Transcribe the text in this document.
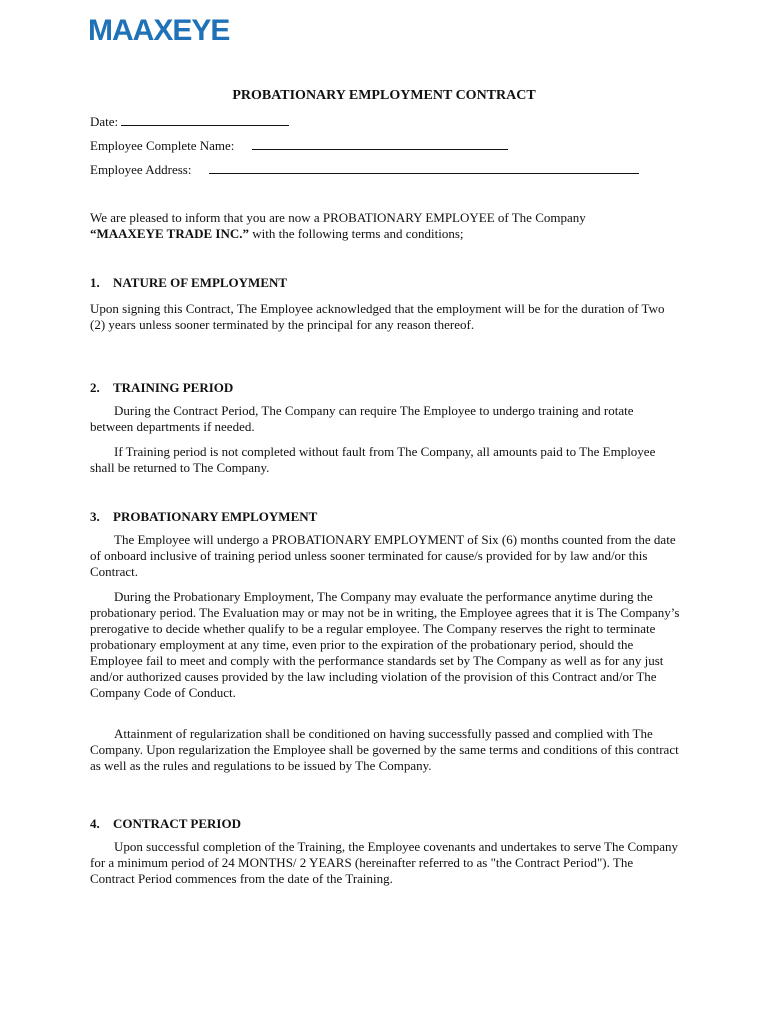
MAAXEYE
PROBATIONARY EMPLOYMENT CONTRACT
Date:
Employee Complete Name:
Employee Address:
We are pleased to inform that you are now a PROBATIONARY EMPLOYEE of The Company
“MAAXEYE TRADE INC.” with the following terms and conditions;
1. NATURE OF EMPLOYMENT
Upon signing this Contract, The Employee acknowledged that the employment will be for the duration of Two (2) years unless sooner terminated by the principal for any reason thereof.
2. TRAINING PERIOD
During the Contract Period, The Company can require The Employee to undergo training and rotate between departments if needed.
If Training period is not completed without fault from The Company, all amounts paid to The Employee shall be returned to The Company.
3. PROBATIONARY EMPLOYMENT
The Employee will undergo a PROBATIONARY EMPLOYMENT of Six (6) months counted from the date of onboard inclusive of training period unless sooner terminated for cause/s provided for by law and/or this Contract.
During the Probationary Employment, The Company may evaluate the performance anytime during the probationary period. The Evaluation may or may not be in writing, the Employee agrees that it is The Company’s prerogative to decide whether qualify to be a regular employee. The Company reserves the right to terminate probationary employment at any time, even prior to the expiration of the probationary period, should the Employee fail to meet and comply with the performance standards set by The Company as well as for any just and/or authorized causes provided by the law including violation of the provision of this Contract and/or The Company Code of Conduct.
Attainment of regularization shall be conditioned on having successfully passed and complied with The Company. Upon regularization the Employee shall be governed by the same terms and conditions of this contract as well as the rules and regulations to be issued by The Company.
4. CONTRACT PERIOD
Upon successful completion of the Training, the Employee covenants and undertakes to serve The Company for a minimum period of 24 MONTHS/ 2 YEARS (hereinafter referred to as "the Contract Period"). The Contract Period commences from the date of the Training.
